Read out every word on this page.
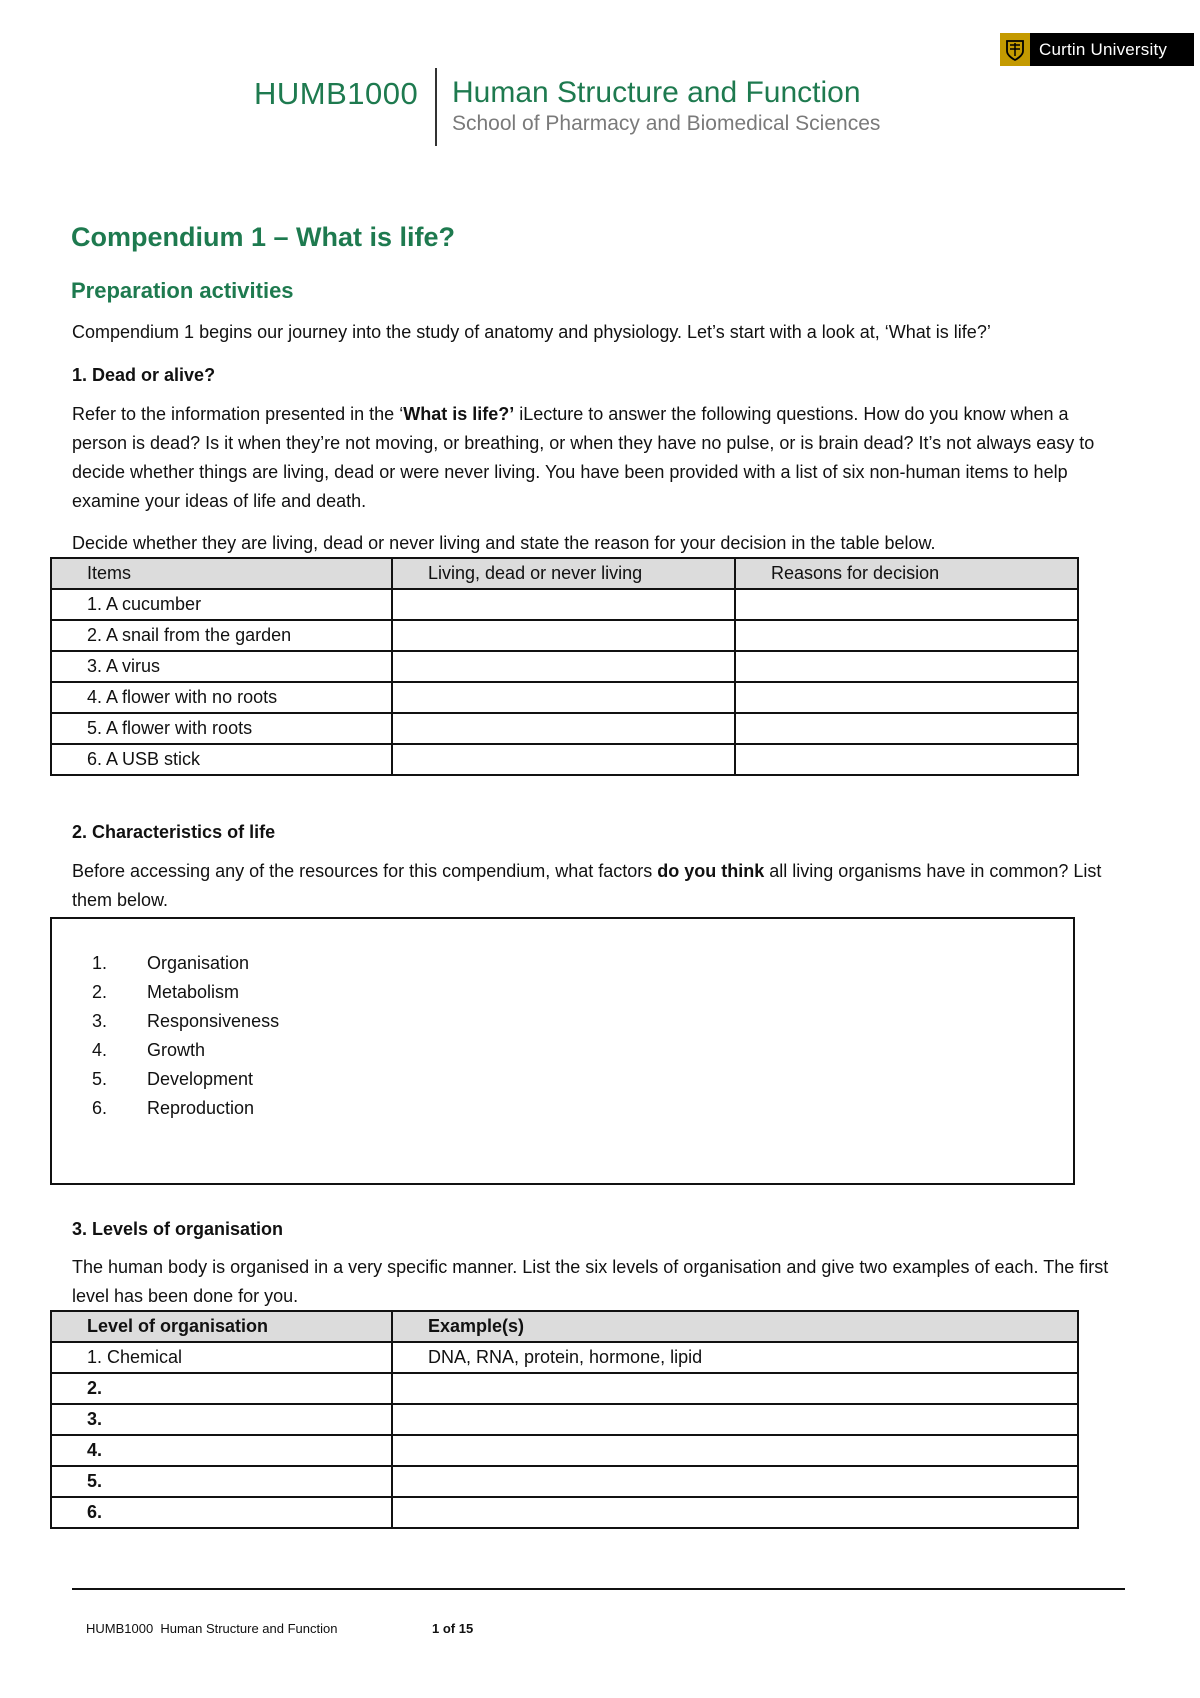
Curtin University
HUMB1000 Human Structure and Function
School of Pharmacy and Biomedical Sciences
Compendium 1 – What is life?
Preparation activities
Compendium 1 begins our journey into the study of anatomy and physiology. Let’s start with a look at, ‘What is life?’
1. Dead or alive?
Refer to the information presented in the ‘What is life?’ iLecture to answer the following questions. How do you know when a person is dead? Is it when they’re not moving, or breathing, or when they have no pulse, or is brain dead? It’s not always easy to decide whether things are living, dead or were never living. You have been provided with a list of six non-human items to help examine your ideas of life and death.
Decide whether they are living, dead or never living and state the reason for your decision in the table below.
Items	Living, dead or never living	Reasons for decision
1. A cucumber		
2. A snail from the garden		
3. A virus		
4. A flower with no roots		
5. A flower with roots		
6. A USB stick		
2. Characteristics of life
Before accessing any of the resources for this compendium, what factors do you think all living organisms have in common? List them below.
1.	Organisation
2.	Metabolism
3.	Responsiveness
4.	Growth
5.	Development
6.	Reproduction
3. Levels of organisation
The human body is organised in a very specific manner. List the six levels of organisation and give two examples of each. The first level has been done for you.
Level of organisation	Example(s)
1. Chemical	DNA, RNA, protein, hormone, lipid
2.	
3.	
4.	
5.	
6.	
HUMB1000  Human Structure and Function	1 of 15
